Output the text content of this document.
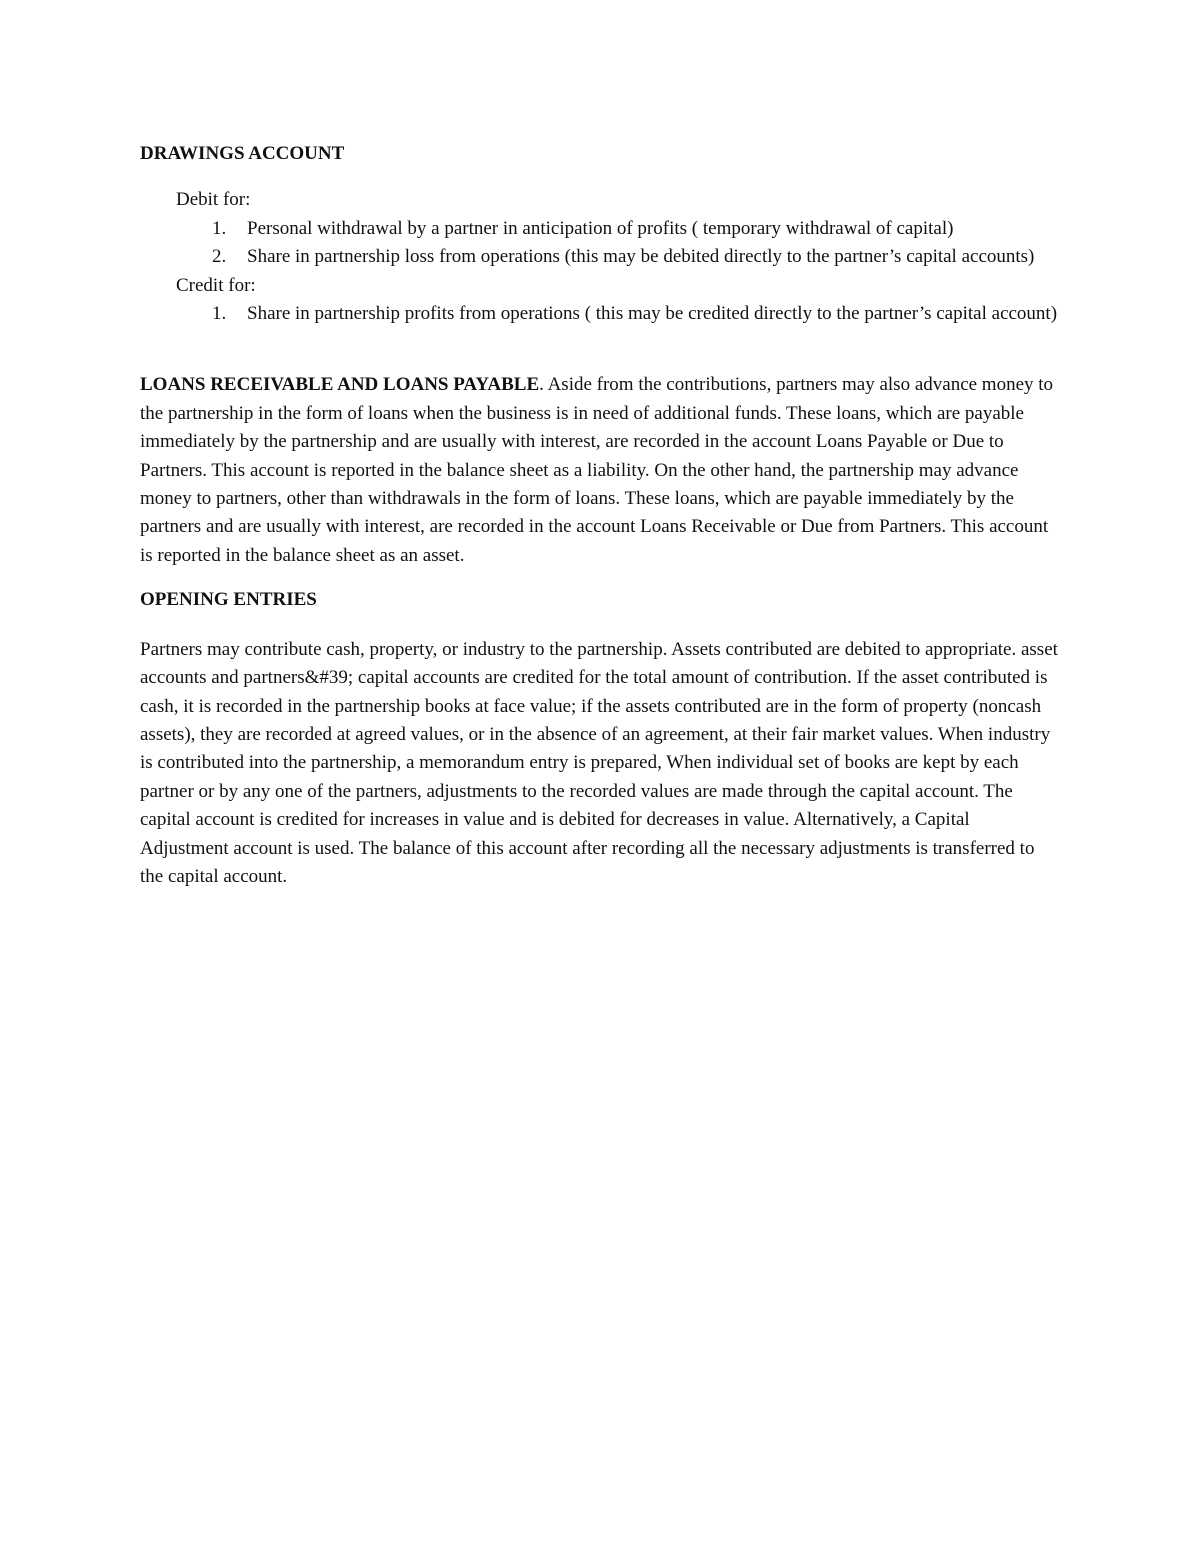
DRAWINGS ACCOUNT

Debit for:

1. Personal withdrawal by a partner in anticipation of profits ( temporary withdrawal of capital)
2. Share in partnership loss from operations (this may be debited directly to the partner’s capital accounts)

Credit for:

1. Share in partnership profits from operations ( this may be credited directly to the partner’s capital account)

LOANS RECEIVABLE AND LOANS PAYABLE. Aside from the contributions, partners may also advance money to the partnership in the form of loans when the business is in need of additional funds. These loans, which are payable immediately by the partnership and are usually with interest, are recorded in the account Loans Payable or Due to Partners. This account is reported in the balance sheet as a liability. On the other hand, the partnership may advance money to partners, other than withdrawals in the form of loans. These loans, which are payable immediately by the partners and are usually with interest, are recorded in the account Loans Receivable or Due from Partners. This account is reported in the balance sheet as an asset.

OPENING ENTRIES

Partners may contribute cash, property, or industry to the partnership. Assets contributed are debited to appropriate. asset accounts and partners&#39; capital accounts are credited for the total amount of contribution. If the asset contributed is cash, it is recorded in the partnership books at face value; if the assets contributed are in the form of property (noncash assets), they are recorded at agreed values, or in the absence of an agreement, at their fair market values. When industry is contributed into the partnership, a memorandum entry is prepared, When individual set of books are kept by each partner or by any one of the partners, adjustments to the recorded values are made through the capital account. The capital account is credited for increases in value and is debited for decreases in value. Alternatively, a Capital Adjustment account is used. The balance of this account after recording all the necessary adjustments is transferred to the capital account.
